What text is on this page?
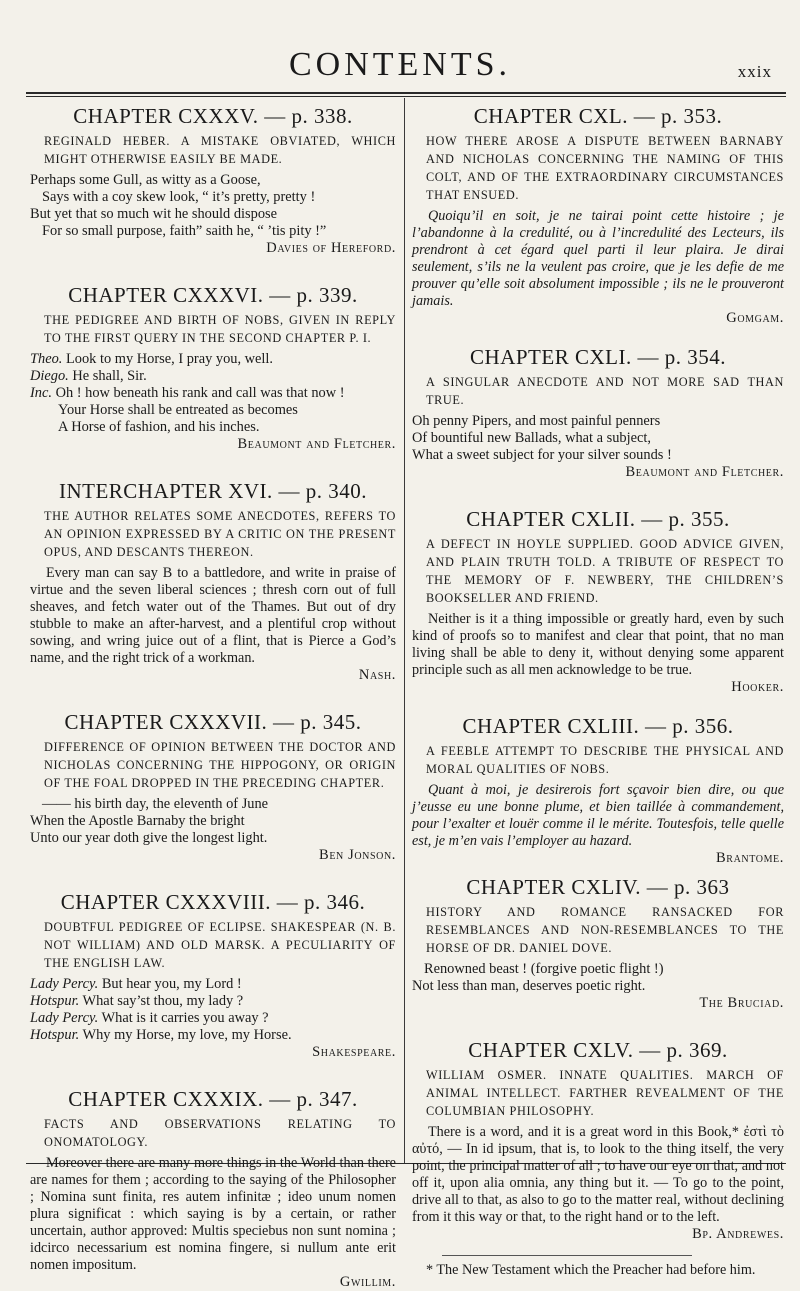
CONTENTS.	xxix
CHAPTER CXXXV. — p. 338.
REGINALD HEBER. A MISTAKE OBVIATED, WHICH MIGHT OTHERWISE EASILY BE MADE.
Perhaps some Gull, as witty as a Goose,
Says with a coy skew look, “ it’s pretty, pretty !
But yet that so much wit he should dispose
For so small purpose, faith” saith he, “ ’tis pity !”
Davies of Hereford.
CHAPTER CXXXVI. — p. 339.
THE PEDIGREE AND BIRTH OF NOBS, GIVEN IN REPLY TO THE FIRST QUERY IN THE SECOND CHAPTER P. I.
Theo. Look to my Horse, I pray you, well.
Diego. He shall, Sir.
Inc. Oh ! how beneath his rank and call was that now !
Your Horse shall be entreated as becomes
A Horse of fashion, and his inches.
Beaumont and Fletcher.
INTERCHAPTER XVI. — p. 340.
THE AUTHOR RELATES SOME ANECDOTES, REFERS TO AN OPINION EXPRESSED BY A CRITIC ON THE PRESENT OPUS, AND DESCANTS THEREON.
Every man can say B to a battledore, and write in praise of virtue and the seven liberal sciences ; thresh corn out of full sheaves, and fetch water out of the Thames. But out of dry stubble to make an after-harvest, and a plentiful crop without sowing, and wring juice out of a flint, that is Pierce a God’s name, and the right trick of a workman.
Nash.
CHAPTER CXXXVII. — p. 345.
DIFFERENCE OF OPINION BETWEEN THE DOCTOR AND NICHOLAS CONCERNING THE HIPPOGONY, OR ORIGIN OF THE FOAL DROPPED IN THE PRECEDING CHAPTER.
—— his birth day, the eleventh of June
When the Apostle Barnaby the bright
Unto our year doth give the longest light.
Ben Jonson.
CHAPTER CXXXVIII. — p. 346.
DOUBTFUL PEDIGREE OF ECLIPSE. SHAKESPEAR (N. B. NOT WILLIAM) AND OLD MARSK. A PECULIARITY OF THE ENGLISH LAW.
Lady Percy. But hear you, my Lord !
Hotspur. What say’st thou, my lady ?
Lady Percy. What is it carries you away ?
Hotspur. Why my Horse, my love, my Horse.
Shakespeare.
CHAPTER CXXXIX. — p. 347.
FACTS AND OBSERVATIONS RELATING TO ONOMATOLOGY.
Moreover there are many more things in the World than there are names for them ; according to the saying of the Philosopher ; Nomina sunt finita, res autem infinitæ ; ideo unum nomen plura significat : which saying is by a certain, or rather uncertain, author approved: Multis speciebus non sunt nomina ; idcirco necessarium est nomina fingere, si nullum ante erit nomen impositum.
Gwillim.
CHAPTER CXL. — p. 353.
HOW THERE AROSE A DISPUTE BETWEEN BARNABY AND NICHOLAS CONCERNING THE NAMING OF THIS COLT, AND OF THE EXTRAORDINARY CIRCUMSTANCES THAT ENSUED.
Quoiqu’il en soit, je ne tairai point cette histoire ; je l’abandonne à la credulité, ou à l’incredulité des Lecteurs, ils prendront à cet égard quel parti il leur plaira. Je dirai seulement, s’ils ne la veulent pas croire, que je les defie de me prouver qu’elle soit absolument impossible ; ils ne le prouveront jamais.
Gomgam.
CHAPTER CXLI. — p. 354.
A SINGULAR ANECDOTE AND NOT MORE SAD THAN TRUE.
Oh penny Pipers, and most painful penners
Of bountiful new Ballads, what a subject,
What a sweet subject for your silver sounds !
Beaumont and Fletcher.
CHAPTER CXLII. — p. 355.
A DEFECT IN HOYLE SUPPLIED. GOOD ADVICE GIVEN, AND PLAIN TRUTH TOLD. A TRIBUTE OF RESPECT TO THE MEMORY OF F. NEWBERY, THE CHILDREN’S BOOKSELLER AND FRIEND.
Neither is it a thing impossible or greatly hard, even by such kind of proofs so to manifest and clear that point, that no man living shall be able to deny it, without denying some apparent principle such as all men acknowledge to be true.
Hooker.
CHAPTER CXLIII. — p. 356.
A FEEBLE ATTEMPT TO DESCRIBE THE PHYSICAL AND MORAL QUALITIES OF NOBS.
Quant à moi, je desirerois fort sçavoir bien dire, ou que j’eusse eu une bonne plume, et bien taillée à commandement, pour l’exalter et louër comme il le mérite. Toutesfois, telle quelle est, je m’en vais l’employer au hazard.
Brantome.
CHAPTER CXLIV. — p. 363
HISTORY AND ROMANCE RANSACKED FOR RESEMBLANCES AND NON-RESEMBLANCES TO THE HORSE OF DR. DANIEL DOVE.
Renowned beast ! (forgive poetic flight !)
Not less than man, deserves poetic right.
The Bruciad.
CHAPTER CXLV. — p. 369.
WILLIAM OSMER. INNATE QUALITIES. MARCH OF ANIMAL INTELLECT. FARTHER REVEALMENT OF THE COLUMBIAN PHILOSOPHY.
There is a word, and it is a great word in this Book,* ἐστὶ τὸ αὐτό, — In id ipsum, that is, to look to the thing itself, the very point, the principal matter of all ; to have our eye on that, and not off it, upon alia omnia, any thing but it. — To go to the point, drive all to that, as also to go to the matter real, without declining from it this way or that, to the right hand or to the left.
Bp. Andrewes.
* The New Testament which the Preacher had before him.
